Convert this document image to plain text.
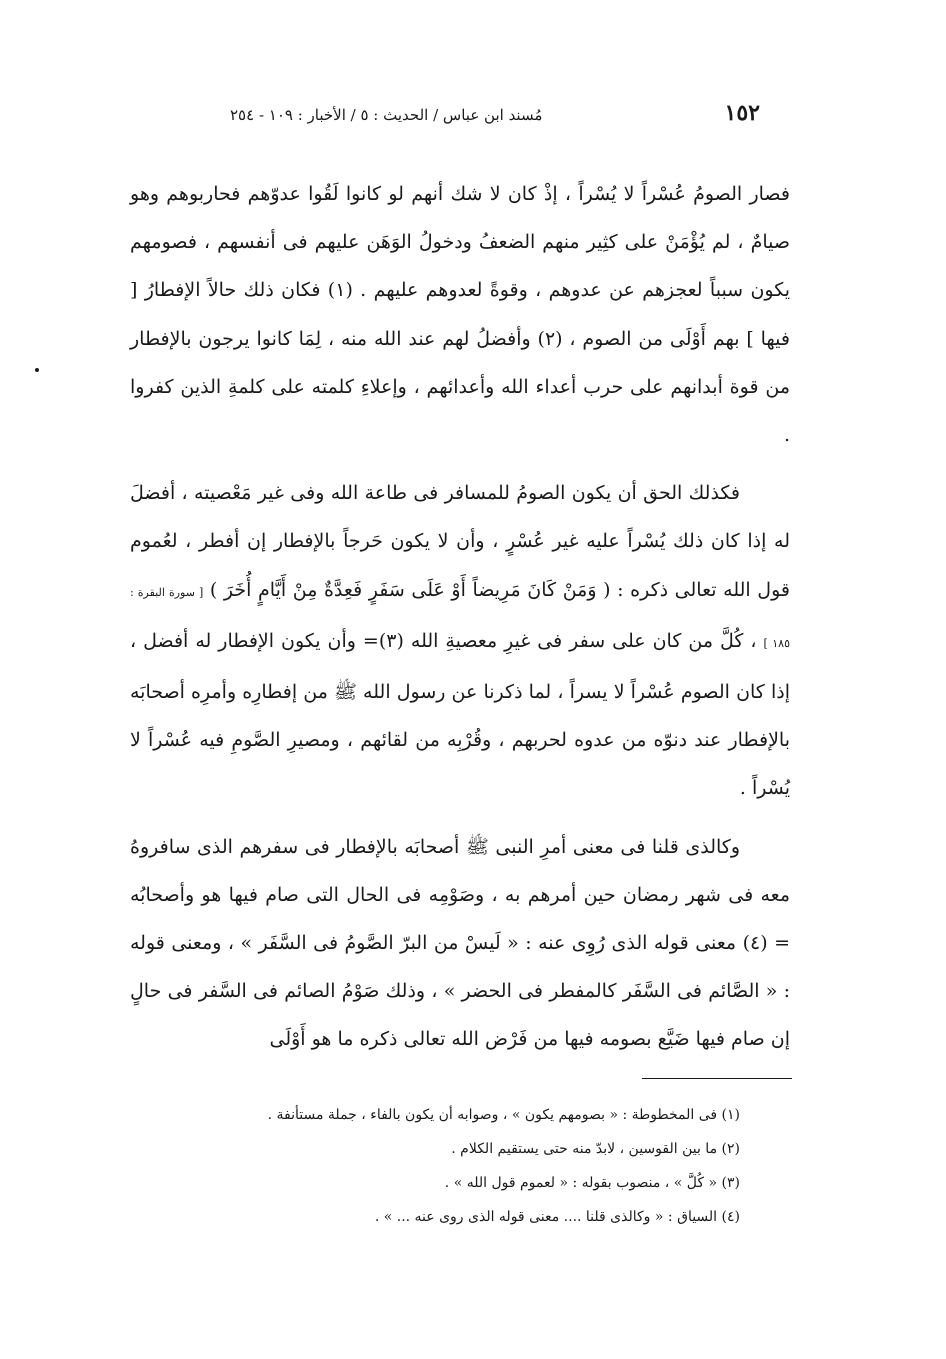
١٥٢
مُسند ابن عباس / الحديث : ٥ / الأخبار : ١٠٩ - ٢٥٤

فصار الصومُ عُسْراً لا يُسْراً ، إذْ كان لا شك أنهم لو كانوا لَقُوا عدوّهم فحاربوهم وهو صيامٌ ، لم يُؤْمَنْ على كثِير منهم الضعفُ ودخولُ الوَهَن عليهم فى أنفسهم ، فصومهم يكون سبباً لعجزهم عن عدوهم ، وقوةً لعدوهم عليهم . (١) فكان ذلك حالاً الإفطارُ [ فيها ] بهم أَوْلَى من الصوم ، (٢) وأفضلُ لهم عند الله منه ، لِمَا كانوا يرجون بالإفطار من قوة أبدانهم على حرب أعداء الله وأعدائهم ، وإعلاءِ كلمته على كلمةِ الذين كفروا .

فكذلك الحق أن يكون الصومُ للمسافر فى طاعة الله وفى غير مَعْصيته ، أفضلَ له إذا كان ذلك يُسْراً عليه غير عُسْرٍ ، وأن لا يكون حَرجاً بالإفطار إن أفطر ، لعُموم قول الله تعالى ذكره : ( وَمَنْ كَانَ مَرِيضاً أَوْ عَلَى سَفَرٍ فَعِدَّةٌ مِنْ أَيَّامٍ أُخَرَ ) [ سورة البقرة : ١٨٥ ] ، كُلَّ من كان على سفر فى غيرِ معصيةِ الله (٣)= وأن يكون الإفطار له أفضل ، إذا كان الصوم عُسْراً لا يسراً ، لما ذكرنا عن رسول الله ﷺ من إفطارِه وأمرِه أصحابَه بالإفطار عند دنوّه من عدوه لحربهم ، وقُرْبِه من لقائهم ، ومصيرِ الصَّومِ فيه عُسْراً لا يُسْراً .

وكالذى قلنا فى معنى أمرِ النبى ﷺ أصحابَه بالإفطار فى سفرهم الذى سافروهُ معه فى شهر رمضان حين أمرهم به ، وصَوْمِه فى الحال التى صام فيها هو وأصحابُه = (٤) معنى قوله الذى رُوِى عنه : « لَيسْ من البرّ الصَّومُ فى السَّفَر » ، ومعنى قوله : « الصَّائم فى السَّفَر كالمفطر فى الحضر » ، وذلك صَوْمُ الصائم فى السَّفر فى حالٍ إن صام فيها ضَيَّع بصومه فيها من فَرْض الله تعالى ذكره ما هو أَوْلَى

(١) فى المخطوطة : « بصومهم يكون » ، وصوابه أن يكون بالفاء ، جملة مستأنفة .

(٢) ما بين القوسين ، لابدّ منه حتى يستقيم الكلام .

(٣) « كُلَّ » ، منصوب بقوله : « لعموم قول الله » .

(٤) السياق : « وكالذى قلنا .... معنى قوله الذى روى عنه ... » .
